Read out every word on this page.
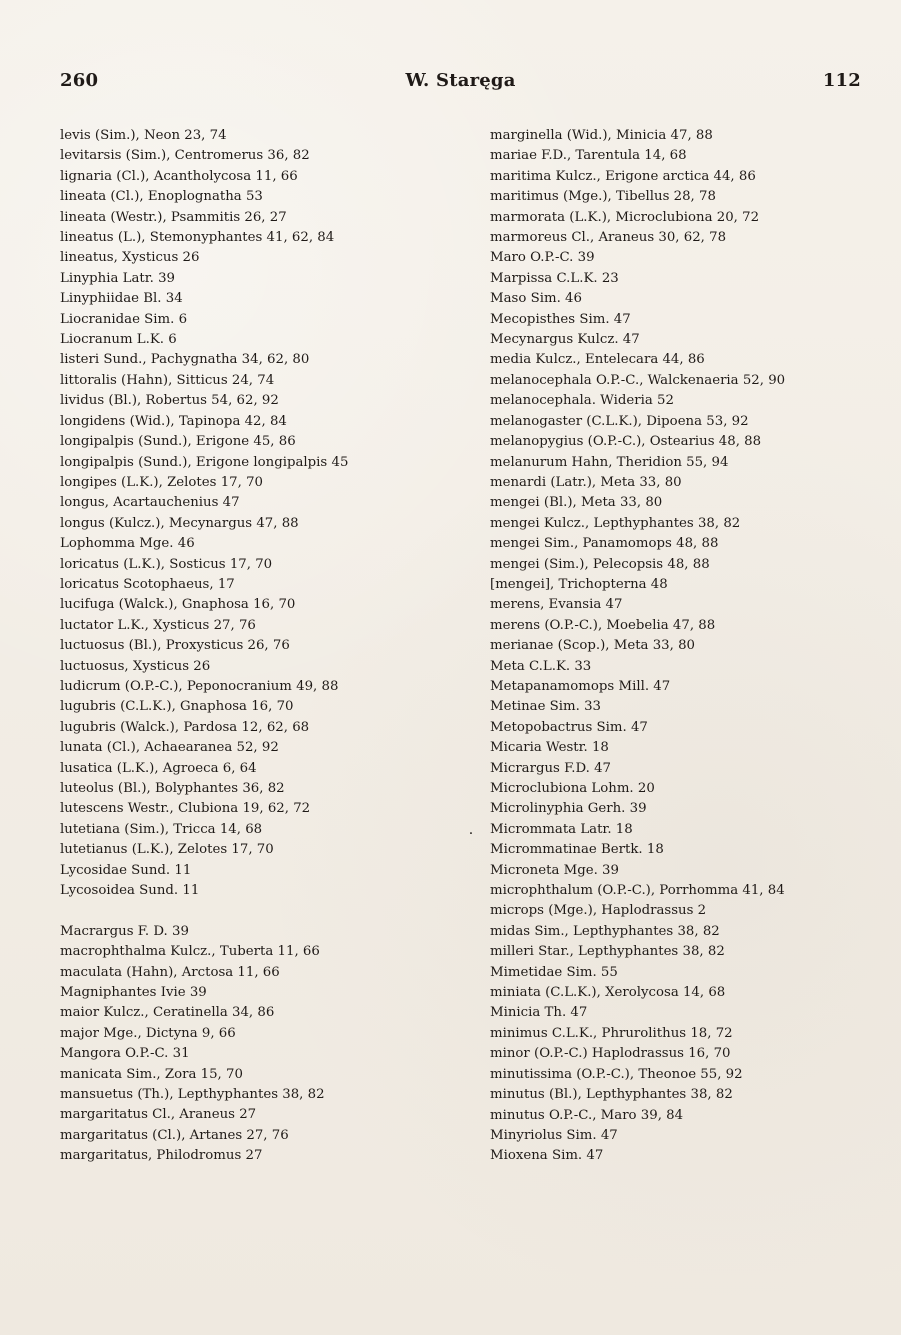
260	W. Staręga	112
levis (Sim.), Neon 23, 74
levitarsis (Sim.), Centromerus 36, 82
lignaria (Cl.), Acantholycosa 11, 66
lineata (Cl.), Enoplognatha 53
lineata (Westr.), Psammitis 26, 27
lineatus (L.), Stemonyphantes 41, 62, 84
lineatus, Xysticus 26
Linyphia Latr. 39
Linyphiidae Bl. 34
Liocranidae Sim. 6
Liocranum L.K. 6
listeri Sund., Pachygnatha 34, 62, 80
littoralis (Hahn), Sitticus 24, 74
lividus (Bl.), Robertus 54, 62, 92
longidens (Wid.), Tapinopa 42, 84
longipalpis (Sund.), Erigone 45, 86
longipalpis (Sund.), Erigone longipalpis 45
longipes (L.K.), Zelotes 17, 70
longus, Acartauchenius 47
longus (Kulcz.), Mecynargus 47, 88
Lophomma Mge. 46
loricatus (L.K.), Sosticus 17, 70
loricatus Scotophaeus, 17
lucifuga (Walck.), Gnaphosa 16, 70
luctator L.K., Xysticus 27, 76
luctuosus (Bl.), Proxysticus 26, 76
luctuosus, Xysticus 26
ludicrum (O.P.-C.), Peponocranium 49, 88
lugubris (C.L.K.), Gnaphosa 16, 70
lugubris (Walck.), Pardosa 12, 62, 68
lunata (Cl.), Achaearanea 52, 92
lusatica (L.K.), Agroeca 6, 64
luteolus (Bl.), Bolyphantes 36, 82
lutescens Westr., Clubiona 19, 62, 72
lutetiana (Sim.), Tricca 14, 68
lutetianus (L.K.), Zelotes 17, 70
Lycosidae Sund. 11
Lycosoidea Sund. 11
Macrargus F. D. 39
macrophthalma Kulcz., Tuberta 11, 66
maculata (Hahn), Arctosa 11, 66
Magniphantes Ivie 39
maior Kulcz., Ceratinella 34, 86
major Mge., Dictyna 9, 66
Mangora O.P.-C. 31
manicata Sim., Zora 15, 70
mansuetus (Th.), Lepthyphantes 38, 82
margaritatus Cl., Araneus 27
margaritatus (Cl.), Artanes 27, 76
margaritatus, Philodromus 27
marginella (Wid.), Minicia 47, 88
mariae F.D., Tarentula 14, 68
maritima Kulcz., Erigone arctica 44, 86
maritimus (Mge.), Tibellus 28, 78
marmorata (L.K.), Microclubiona 20, 72
marmoreus Cl., Araneus 30, 62, 78
Maro O.P.-C. 39
Marpissa C.L.K. 23
Maso Sim. 46
Mecopisthes Sim. 47
Mecynargus Kulcz. 47
media Kulcz., Entelecara 44, 86
melanocephala O.P.-C., Walckenaeria 52, 90
melanocephala. Wideria 52
melanogaster (C.L.K.), Dipoena 53, 92
melanopygius (O.P.-C.), Ostearius 48, 88
melanurum Hahn, Theridion 55, 94
menardi (Latr.), Meta 33, 80
mengei (Bl.), Meta 33, 80
mengei Kulcz., Lepthyphantes 38, 82
mengei Sim., Panamomops 48, 88
mengei (Sim.), Pelecopsis 48, 88
[mengei], Trichopterna 48
merens, Evansia 47
merens (O.P.-C.), Moebelia 47, 88
merianae (Scop.), Meta 33, 80
Meta C.L.K. 33
Metapanamomops Mill. 47
Metinae Sim. 33
Metopobactrus Sim. 47
Micaria Westr. 18
Micrargus F.D. 47
Microclubiona Lohm. 20
Microlinyphia Gerh. 39
. Micrommata Latr. 18
Micrommatinae Bertk. 18
Microneta Mge. 39
microphthalum (O.P.-C.), Porrhomma 41, 84
microps (Mge.), Haplodrassus 2
midas Sim., Lepthyphantes 38, 82
milleri Star., Lepthyphantes 38, 82
Mimetidae Sim. 55
miniata (C.L.K.), Xerolycosa 14, 68
Minicia Th. 47
minimus C.L.K., Phrurolithus 18, 72
minor (O.P.-C.) Haplodrassus 16, 70
minutissima (O.P.-C.), Theonoe 55, 92
minutus (Bl.), Lepthyphantes 38, 82
minutus O.P.-C., Maro 39, 84
Minyriolus Sim. 47
Mioxena Sim. 47
